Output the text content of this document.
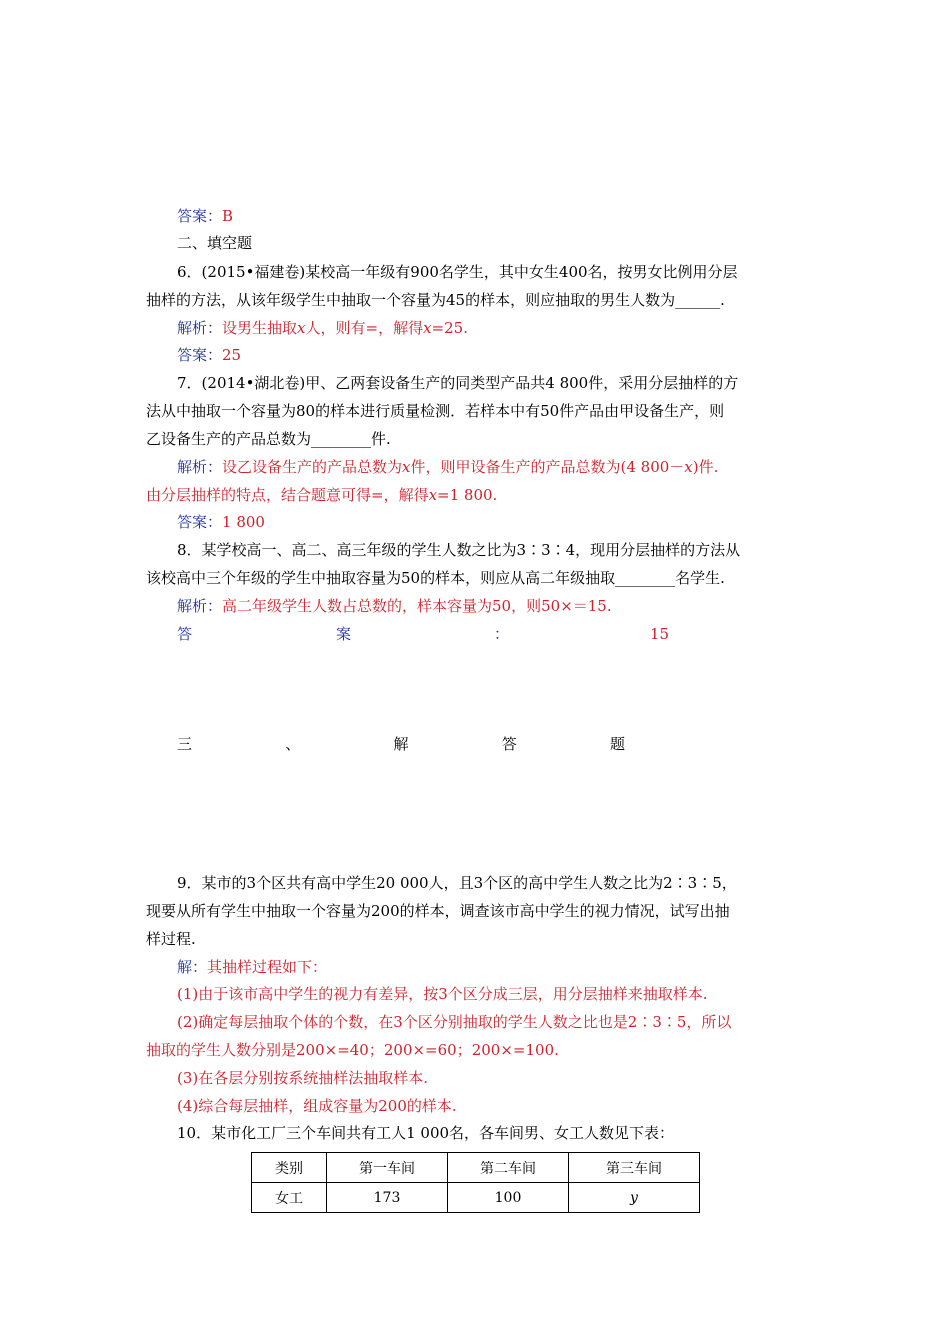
答案：B
二、填空题
6．(2015•福建卷)某校高一年级有900名学生，其中女生400名，按男女比例用分层
抽样的方法，从该年级学生中抽取一个容量为45的样本，则应抽取的男生人数为______.
解析：设男生抽取x人，则有=，解得x=25.
答案：25
7．(2014•湖北卷)甲、乙两套设备生产的同类型产品共4 800件，采用分层抽样的方
法从中抽取一个容量为80的样本进行质量检测．若样本中有50件产品由甲设备生产，则
乙设备生产的产品总数为________件.
解析：设乙设备生产的产品总数为x件，则甲设备生产的产品总数为(4 800－x)件.
由分层抽样的特点，结合题意可得=，解得x=1 800.
答案：1 800
8．某学校高一、高二、高三年级的学生人数之比为3∶3∶4，现用分层抽样的方法从
该校高中三个年级的学生中抽取容量为50的样本，则应从高二年级抽取________名学生.
解析：高二年级学生人数占总数的，样本容量为50，则50×＝15.
答	案	：	15
三	、	解	答	题
9．某市的3个区共有高中学生20 000人，且3个区的高中学生人数之比为2∶3∶5，
现要从所有学生中抽取一个容量为200的样本，调查该市高中学生的视力情况，试写出抽
样过程.
解：其抽样过程如下：
(1)由于该市高中学生的视力有差异，按3个区分成三层，用分层抽样来抽取样本.
(2)确定每层抽取个体的个数，在3个区分别抽取的学生人数之比也是2∶3∶5，所以
抽取的学生人数分别是200×=40；200×=60；200×=100.
(3)在各层分别按系统抽样法抽取样本.
(4)综合每层抽样，组成容量为200的样本.
10．某市化工厂三个车间共有工人1 000名，各车间男、女工人数见下表：
类别	第一车间	第二车间	第三车间
女工	173	100	y
